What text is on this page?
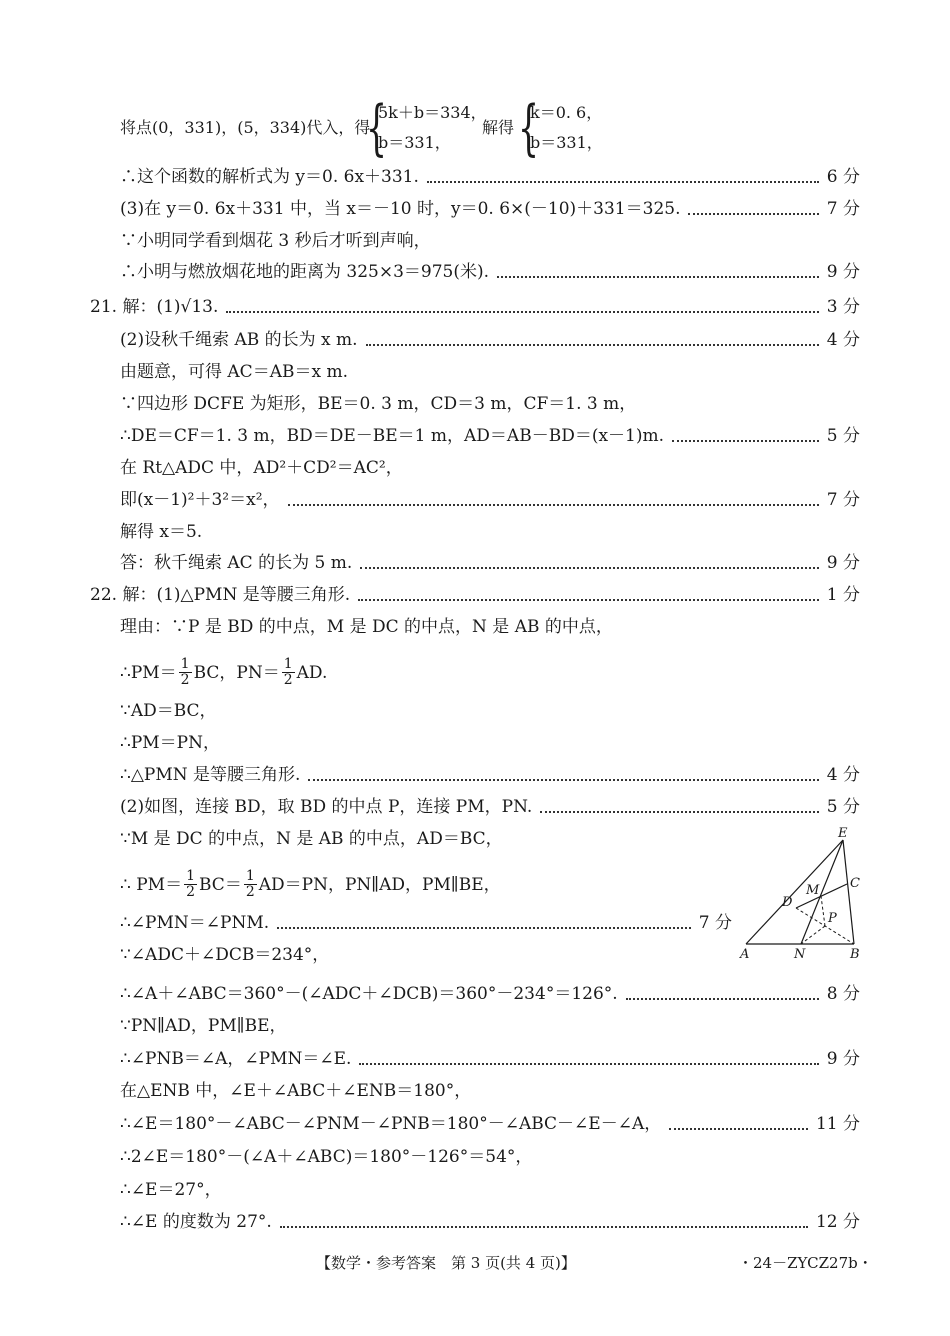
将点(0，331)，(5，334)代入，得
{
5k＋b＝334，
b＝331，
解得 {
k＝0. 6，
b＝331，
∴这个函数的解析式为 y＝0. 6x＋331.	6 分
(3)在 y＝0. 6x＋331 中，当 x＝－10 时，y＝0. 6×(－10)＋331＝325.	7 分
∵小明同学看到烟花 3 秒后才听到声响，
∴小明与燃放烟花地的距离为 325×3＝975(米).	9 分
21. 解：(1)√13.	3 分
(2)设秋千绳索 AB 的长为 x m.	4 分
由题意，可得 AC＝AB＝x m.
∵四边形 DCFE 为矩形，BE＝0. 3 m，CD＝3 m，CF＝1. 3 m，
∴DE＝CF＝1. 3 m，BD＝DE－BE＝1 m，AD＝AB－BD＝(x－1)m.	5 分
在 Rt△ADC 中，AD²＋CD²＝AC²，
即(x－1)²＋3²＝x²，	7 分
解得 x＝5.
答：秋千绳索 AC 的长为 5 m.	9 分
22. 解：(1)△PMN 是等腰三角形.	1 分
理由：∵P 是 BD 的中点，M 是 DC 的中点，N 是 AB 的中点，
∴PM＝ $\frac{1}{2}$ BC，$PN= \frac{1}{2}$ AD.
∵AD＝BC，
∴PM＝PN，
∴△PMN 是等腰三角形.	4 分
(2)如图，连接 BD，取 BD 的中点 P，连接 PM，PN.	5 分
∵M 是 DC 的中点，N 是 AB 的中点，AD＝BC，
∴ $PM= \frac{1}{2} BC= \frac{1}{2} AD=PN$，PN∥AD，PM∥BE，
∴∠PMN＝∠PNM.	7 分
∵∠ADC＋∠DCB＝234°，
∴∠A＋∠ABC＝360°－(∠ADC＋∠DCB)＝360°－234°＝126°.	8 分
∵PN∥AD，PM∥BE，
∴∠PNB＝∠A，∠PMN＝∠E.	9 分
在△ENB 中，∠E＋∠ABC＋∠ENB＝180°，
∴∠E＝180°－∠ABC－∠PNM－∠PNB＝180°－∠ABC－∠E－∠A，	11 分
∴2∠E＝180°－(∠A＋∠ABC)＝180°－126°＝54°，
∴∠E＝27°，
∴∠E 的度数为 27°.	12 分
E
M C
D
P
A	N	B
【数学・参考答案　第 3 页(共 4 页)】	・24－ZYCZ27b・
